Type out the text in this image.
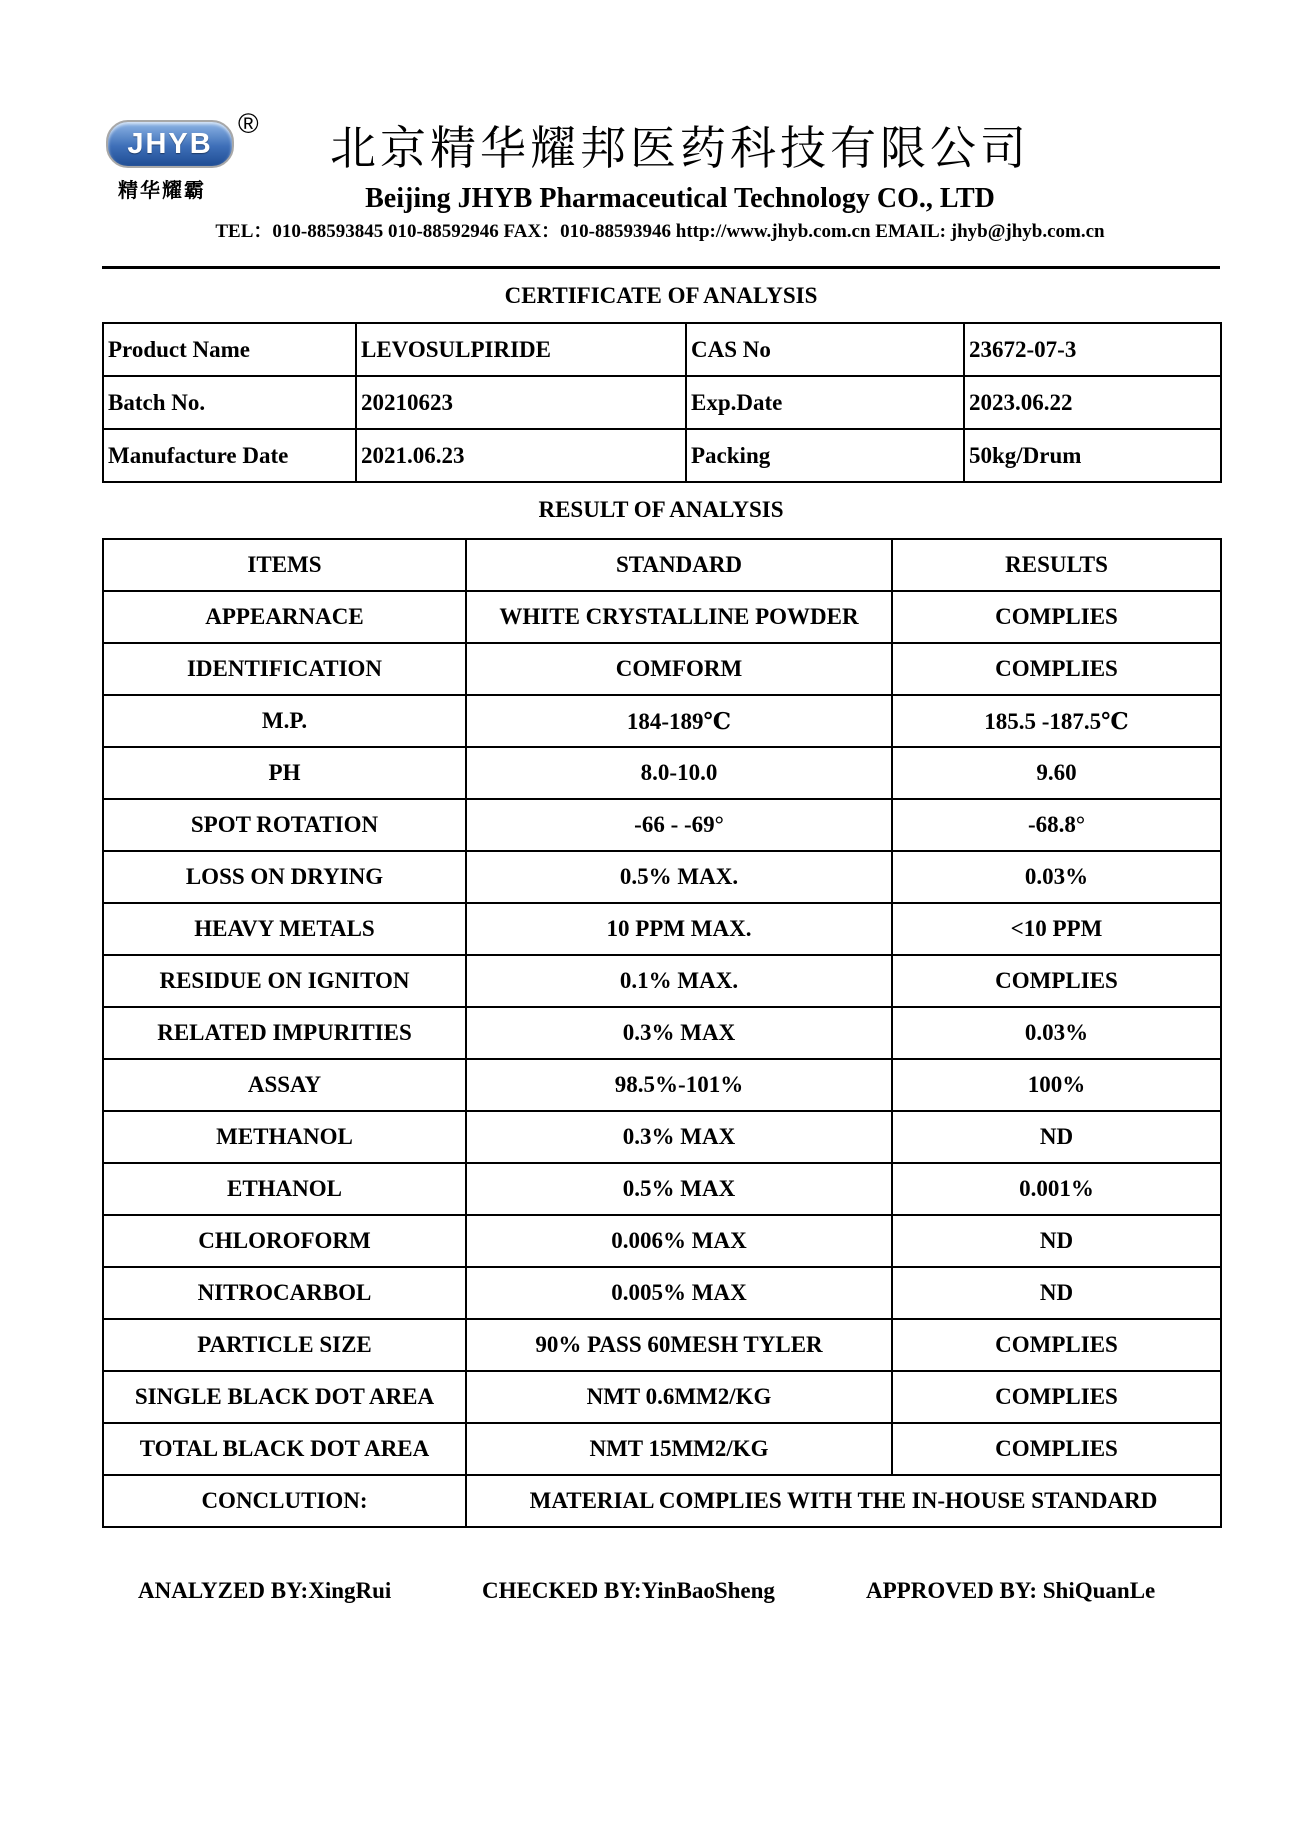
JHYB
®
精华耀霸
北京精华耀邦医药科技有限公司
Beijing JHYB Pharmaceutical Technology CO., LTD
TEL：010-88593845 010-88592946 FAX：010-88593946 http://www.jhyb.com.cn EMAIL: jhyb@jhyb.com.cn
CERTIFICATE OF ANALYSIS
Product Name	LEVOSULPIRIDE	CAS No	23672-07-3
Batch No.	20210623	Exp.Date	2023.06.22
Manufacture Date	2021.06.23	Packing	50kg/Drum
RESULT OF ANALYSIS
ITEMS	STANDARD	RESULTS
APPEARNACE	WHITE CRYSTALLINE POWDER	COMPLIES
IDENTIFICATION	COMFORM	COMPLIES
M.P.	184-189℃	185.5 -187.5℃
PH	8.0-10.0	9.60
SPOT ROTATION	-66 - -69°	-68.8°
LOSS ON DRYING	0.5% MAX.	0.03%
HEAVY METALS	10 PPM MAX.	<10 PPM
RESIDUE ON IGNITON	0.1% MAX.	COMPLIES
RELATED IMPURITIES	0.3% MAX	0.03%
ASSAY	98.5%-101%	100%
METHANOL	0.3% MAX	ND
ETHANOL	0.5% MAX	0.001%
CHLOROFORM	0.006% MAX	ND
NITROCARBOL	0.005% MAX	ND
PARTICLE SIZE	90% PASS 60MESH TYLER	COMPLIES
SINGLE BLACK DOT AREA	NMT 0.6MM2/KG	COMPLIES
TOTAL BLACK DOT AREA	NMT 15MM2/KG	COMPLIES
CONCLUTION:	MATERIAL COMPLIES WITH THE IN-HOUSE STANDARD	
ANALYZED BY:XingRui	CHECKED BY:YinBaoSheng	APPROVED BY: ShiQuanLe
